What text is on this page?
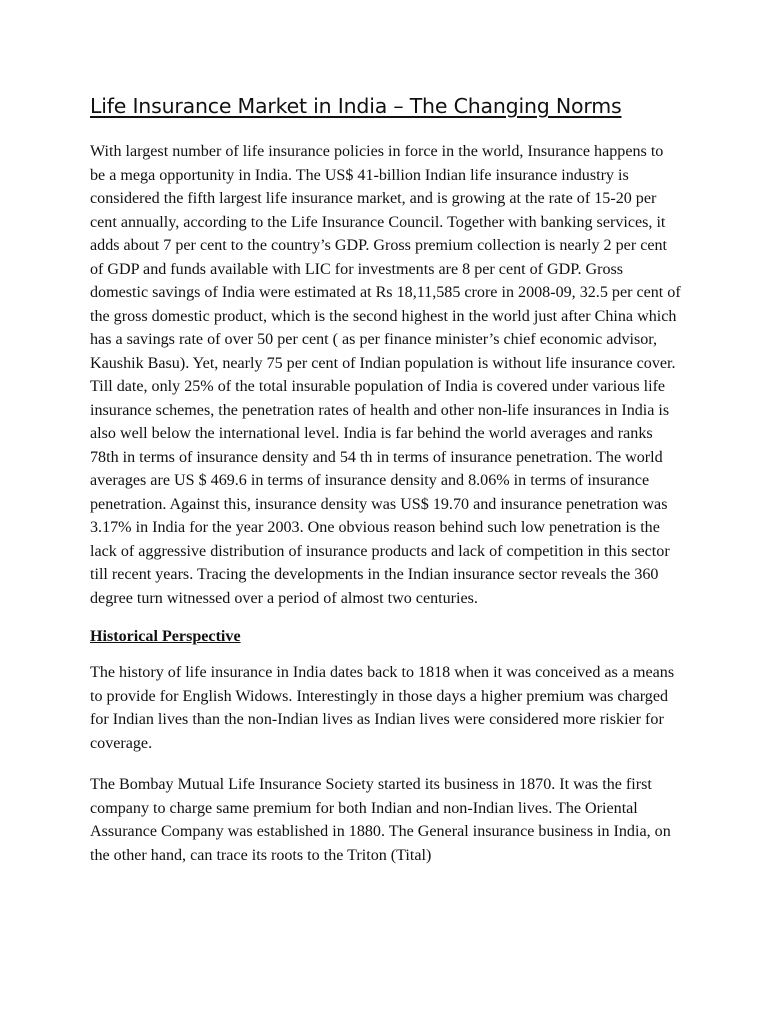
Life Insurance Market in India – The Changing Norms

With largest number of life insurance policies in force in the world, Insurance happens to be a mega opportunity in India. The US$ 41-billion Indian life insurance industry is considered the fifth largest life insurance market, and is growing at the rate of 15-20 per cent annually, according to the Life Insurance Council. Together with banking services, it adds about 7 per cent to the country’s GDP. Gross premium collection is nearly 2 per cent of GDP and funds available with LIC for investments are 8 per cent of GDP. Gross domestic savings of India were estimated at Rs 18,11,585 crore in 2008-09, 32.5 per cent of the gross domestic product, which is the second highest in the world just after China which has a savings rate of over 50 per cent ( as per finance minister’s chief economic advisor, Kaushik Basu). Yet, nearly 75 per cent of Indian population is without life insurance cover. Till date, only 25% of the total insurable population of India is covered under various life insurance schemes, the penetration rates of health and other non-life insurances in India is also well below the international level. India is far behind the world averages and ranks 78th in terms of insurance density and 54 th in terms of insurance penetration. The world averages are US $ 469.6 in terms of insurance density and 8.06% in terms of insurance penetration. Against this, insurance density was US$ 19.70 and insurance penetration was 3.17% in India for the year 2003. One obvious reason behind such low penetration is the lack of aggressive distribution of insurance products and lack of competition in this sector till recent years. Tracing the developments in the Indian insurance sector reveals the 360 degree turn witnessed over a period of almost two centuries.

Historical Perspective

The history of life insurance in India dates back to 1818 when it was conceived as a means to provide for English Widows. Interestingly in those days a higher premium was charged for Indian lives than the non-Indian lives as Indian lives were considered more riskier for coverage.

The Bombay Mutual Life Insurance Society started its business in 1870. It was the first company to charge same premium for both Indian and non-Indian lives. The Oriental Assurance Company was established in 1880. The General insurance business in India, on the other hand, can trace its roots to the Triton (Tital)
